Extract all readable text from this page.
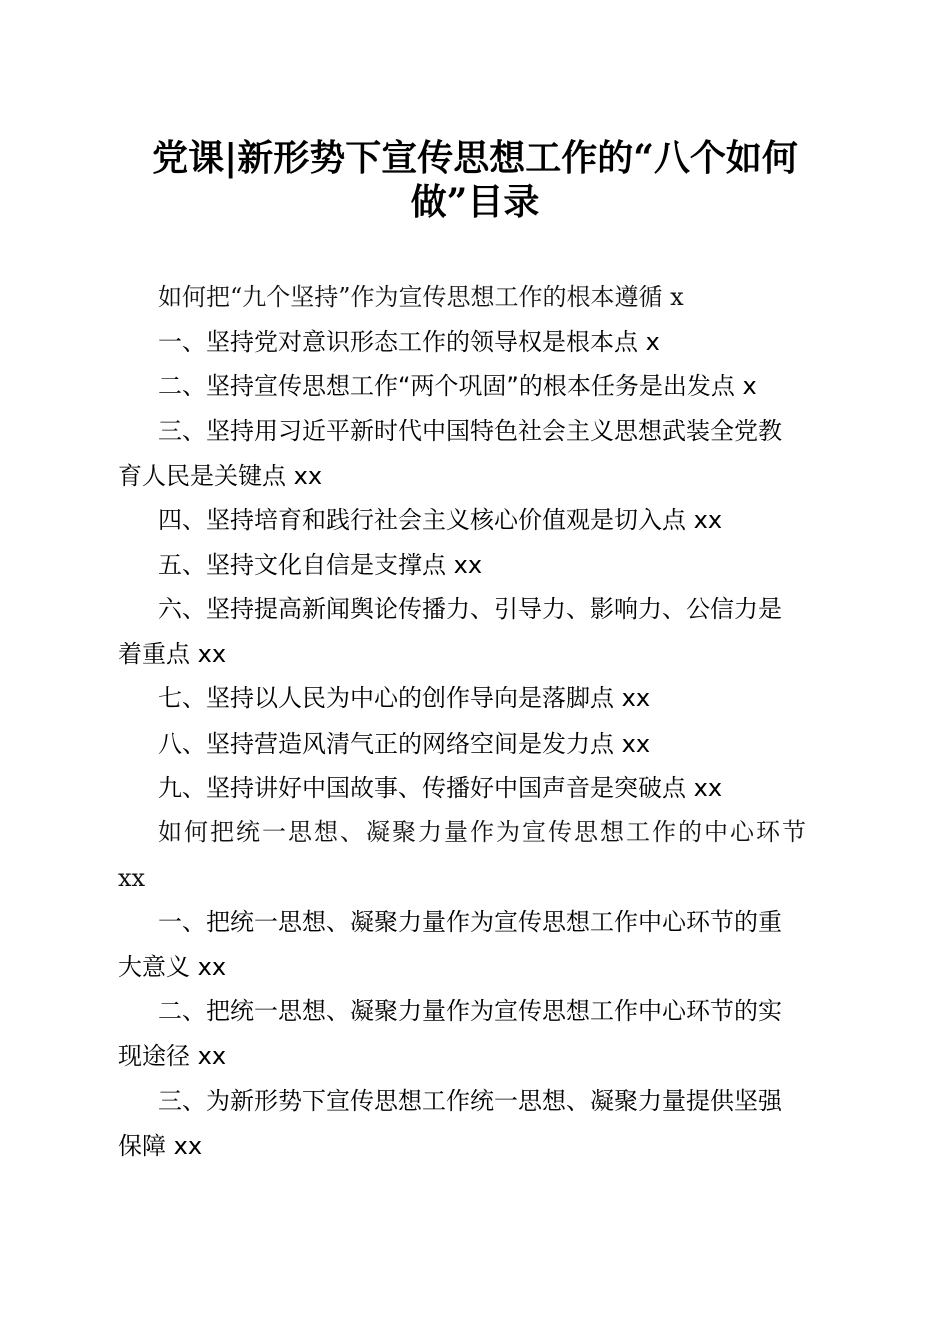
党课|新形势下宣传思想工作的“八个如何
做”目录
如何把“九个坚持”作为宣传思想工作的根本遵循 x
一、坚持党对意识形态工作的领导权是根本点 x
二、坚持宣传思想工作“两个巩固”的根本任务是出发点 x
三、坚持用习近平新时代中国特色社会主义思想武装全党教
育人民是关键点 xx
四、坚持培育和践行社会主义核心价值观是切入点 xx
五、坚持文化自信是支撑点 xx
六、坚持提高新闻舆论传播力、引导力、影响力、公信力是
着重点 xx
七、坚持以人民为中心的创作导向是落脚点 xx
八、坚持营造风清气正的网络空间是发力点 xx
九、坚持讲好中国故事、传播好中国声音是突破点 xx
如何把统一思想、凝聚力量作为宣传思想工作的中心环节
xx
一、把统一思想、凝聚力量作为宣传思想工作中心环节的重
大意义 xx
二、把统一思想、凝聚力量作为宣传思想工作中心环节的实
现途径 xx
三、为新形势下宣传思想工作统一思想、凝聚力量提供坚强
保障 xx
